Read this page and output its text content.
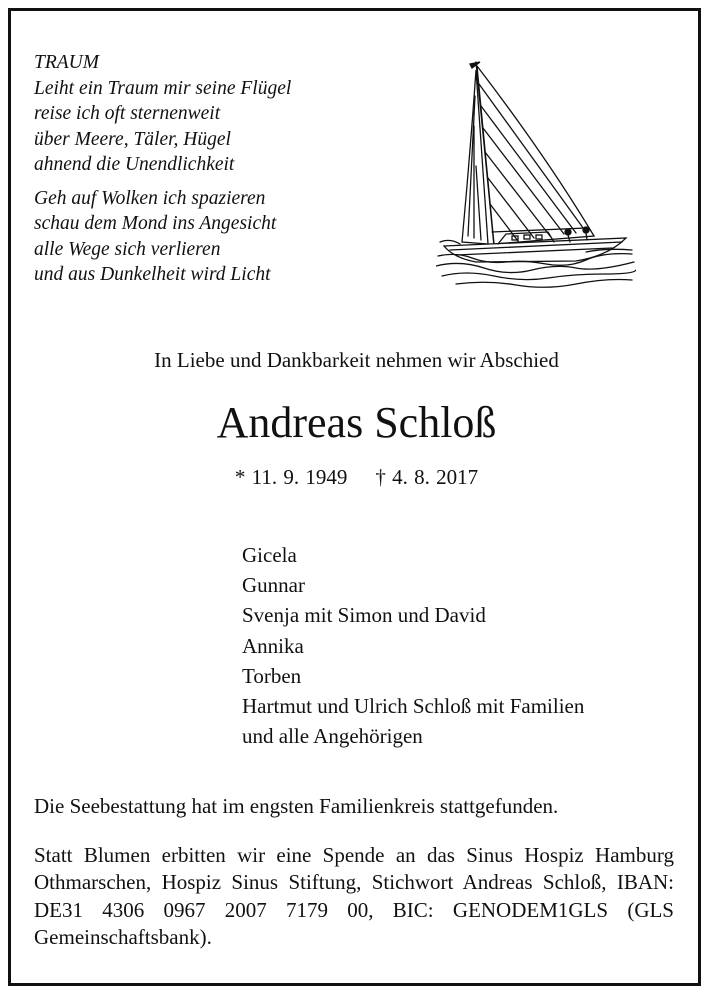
TRAUM
Leiht ein Traum mir seine Flügel
reise ich oft sternenweit
über Meere, Täler, Hügel
ahnend die Unendlichkeit
Geh auf Wolken ich spazieren
schau dem Mond ins Angesicht
alle Wege sich verlieren
und aus Dunkelheit wird Licht
In Liebe und Dankbarkeit nehmen wir Abschied
Andreas Schloß
* 11. 9. 1949 † 4. 8. 2017
Gicela
Gunnar
Svenja mit Simon und David
Annika
Torben
Hartmut und Ulrich Schloß mit Familien
und alle Angehörigen
Die Seebestattung hat im engsten Familienkreis stattgefunden.
Statt Blumen erbitten wir eine Spende an das Sinus Hospiz Hamburg Othmarschen, Hospiz Sinus Stiftung, Stichwort Andreas Schloß, IBAN: DE31 4306 0967 2007 7179 00, BIC: GENODEM1GLS (GLS Gemeinschaftsbank).
